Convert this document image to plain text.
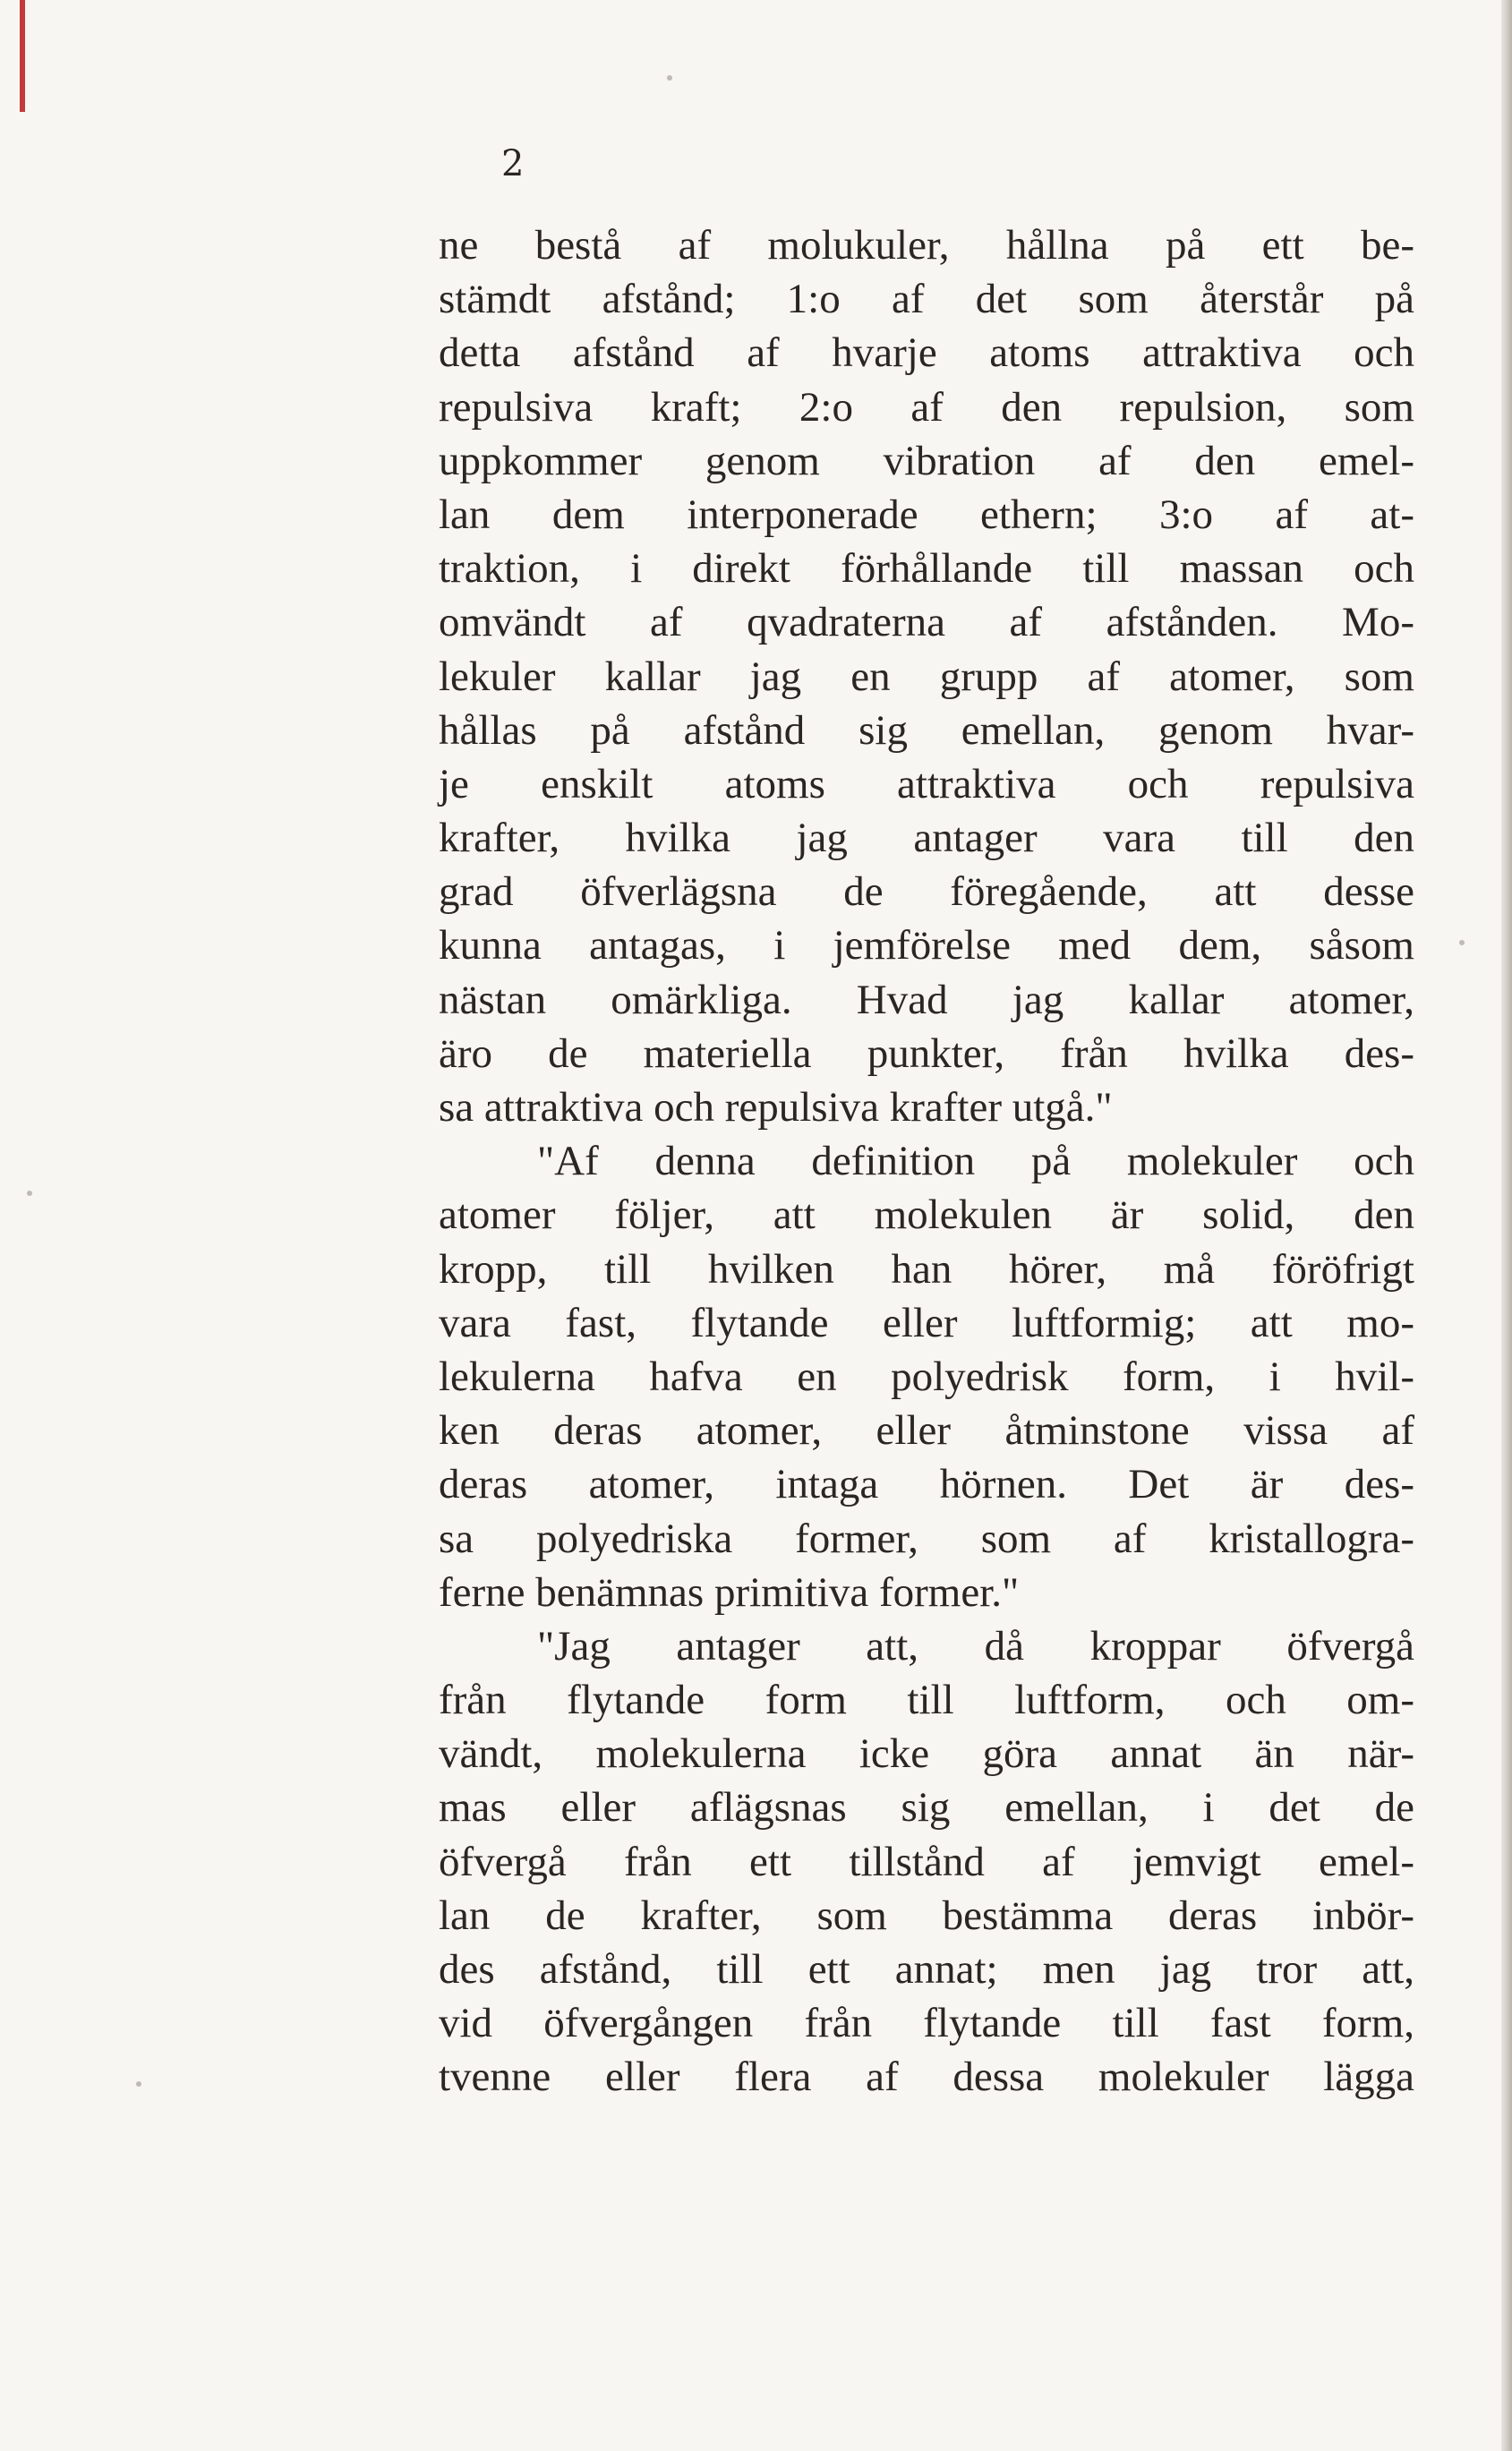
2
ne bestå af molukuler, hållna på ett be-
stämdt afstånd; 1:o af det som återstår på
detta afstånd af hvarje atoms attraktiva och
repulsiva kraft; 2:o af den repulsion, som
uppkommer genom vibration af den emel-
lan dem interponerade ethern; 3:o af at-
traktion, i direkt förhållande till massan och
omvändt af qvadraterna af afstånden. Mo-
lekuler kallar jag en grupp af atomer, som
hållas på afstånd sig emellan, genom hvar-
je enskilt atoms attraktiva och repulsiva
krafter, hvilka jag antager vara till den
grad öfverlägsna de föregående, att desse
kunna antagas, i jemförelse med dem, såsom
nästan omärkliga. Hvad jag kallar atomer,
äro de materiella punkter, från hvilka des-
sa attraktiva och repulsiva krafter utgå."
"Af denna definition på molekuler och
atomer följer, att molekulen är solid, den
kropp, till hvilken han hörer, må föröfrigt
vara fast, flytande eller luftformig; att mo-
lekulerna hafva en polyedrisk form, i hvil-
ken deras atomer, eller åtminstone vissa af
deras atomer, intaga hörnen. Det är des-
sa polyedriska former, som af kristallogra-
ferne benämnas primitiva former."
"Jag antager att, då kroppar öfvergå
från flytande form till luftform, och om-
vändt, molekulerna icke göra annat än när-
mas eller aflägsnas sig emellan, i det de
öfvergå från ett tillstånd af jemvigt emel-
lan de krafter, som bestämma deras inbör-
des afstånd, till ett annat; men jag tror att,
vid öfvergången från flytande till fast form,
tvenne eller flera af dessa molekuler lägga
